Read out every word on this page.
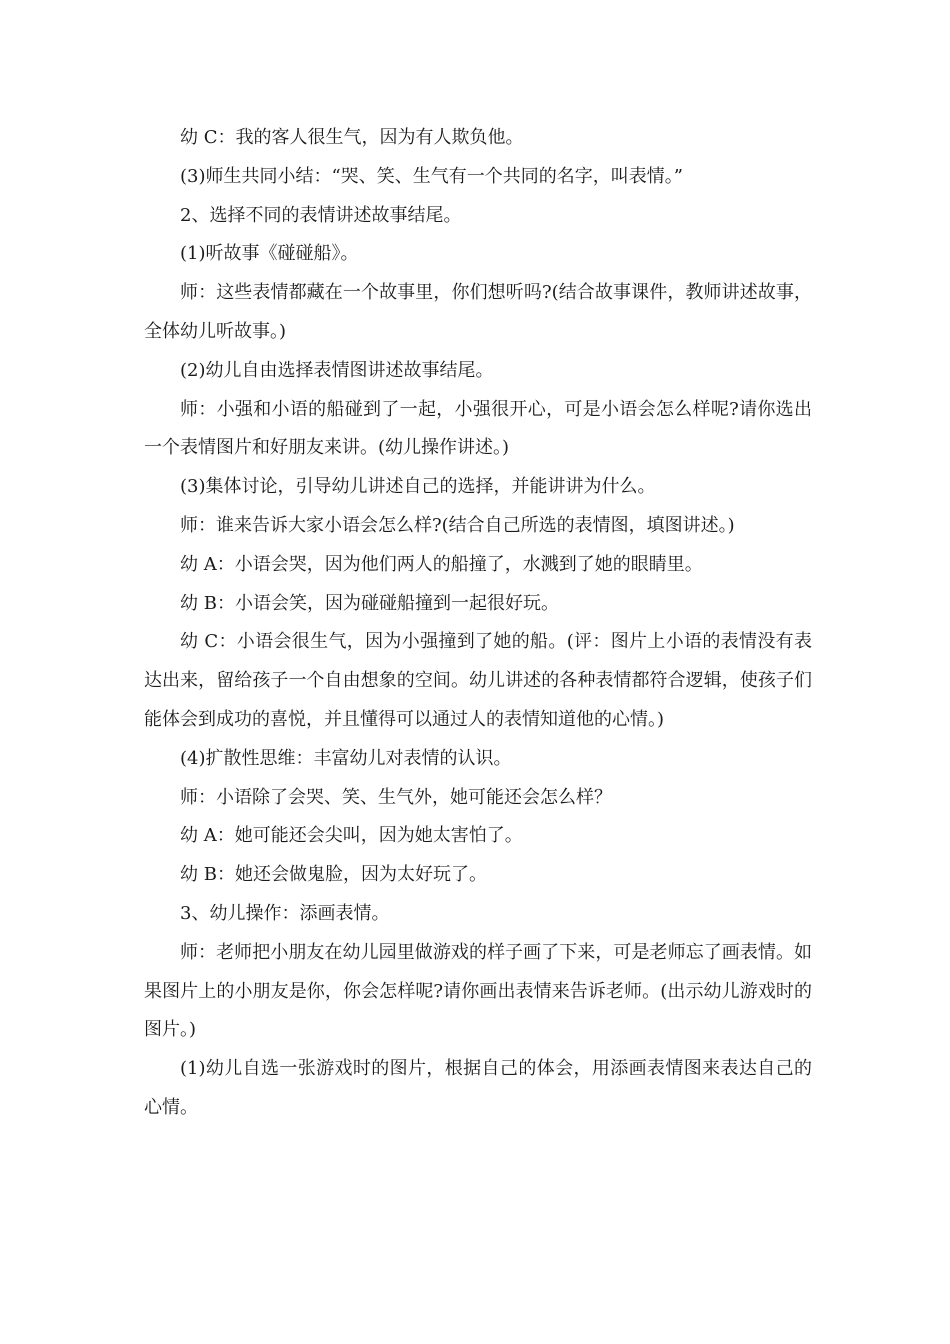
幼 C：我的客人很生气，因为有人欺负他。

(3)师生共同小结：“哭、笑、生气有一个共同的名字，叫表情。”

2、选择不同的表情讲述故事结尾。

(1)听故事《碰碰船》。

师：这些表情都藏在一个故事里，你们想听吗?(结合故事课件，教师讲述故事，全体幼儿听故事。)

(2)幼儿自由选择表情图讲述故事结尾。

师：小强和小语的船碰到了一起，小强很开心，可是小语会怎么样呢?请你选出一个表情图片和好朋友来讲。(幼儿操作讲述。)

(3)集体讨论，引导幼儿讲述自己的选择，并能讲讲为什么。

师：谁来告诉大家小语会怎么样?(结合自己所选的表情图，填图讲述。)

幼 A：小语会哭，因为他们两人的船撞了，水溅到了她的眼睛里。

幼 B：小语会笑，因为碰碰船撞到一起很好玩。

幼 C：小语会很生气，因为小强撞到了她的船。(评：图片上小语的表情没有表达出来，留给孩子一个自由想象的空间。幼儿讲述的各种表情都符合逻辑，使孩子们能体会到成功的喜悦，并且懂得可以通过人的表情知道他的心情。)

(4)扩散性思维：丰富幼儿对表情的认识。

师：小语除了会哭、笑、生气外，她可能还会怎么样？

幼 A：她可能还会尖叫，因为她太害怕了。

幼 B：她还会做鬼脸，因为太好玩了。

3、幼儿操作：添画表情。

师：老师把小朋友在幼儿园里做游戏的样子画了下来，可是老师忘了画表情。如果图片上的小朋友是你，你会怎样呢?请你画出表情来告诉老师。(出示幼儿游戏时的图片。)

(1)幼儿自选一张游戏时的图片，根据自己的体会，用添画表情图来表达自己的心情。
